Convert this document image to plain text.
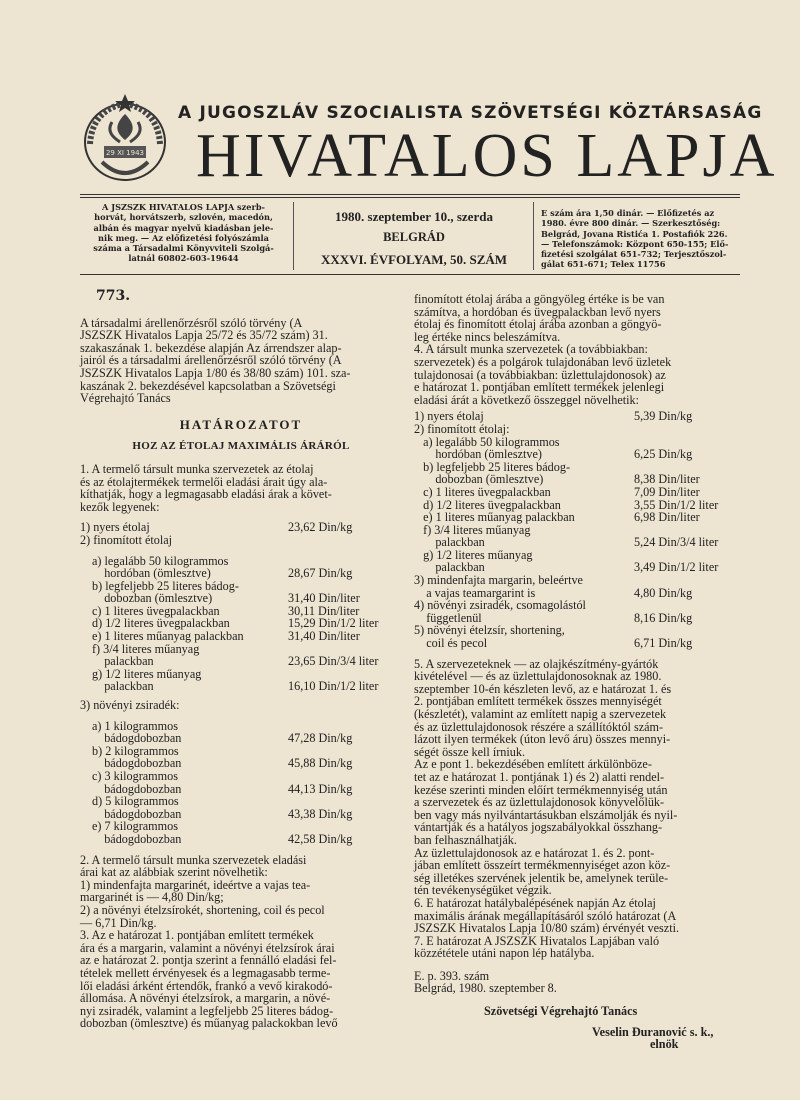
29 XI 1943
A JUGOSZLÁV SZOCIALISTA SZÖVETSÉGI KÖZTÁRSASÁG
HIVATALOS LAPJA
A JSZSZK HIVATALOS LAPJA szerb-
horvát, horvátszerb, szlovén, macedón,
albán és magyar nyelvű kiadásban jele-
nik meg. — Az előfizetési folyószámla
száma a Társadalmi Könyvviteli Szolgá-
latnál 60802-603-19644
1980. szeptember 10., szerda
BELGRÁD
XXXVI. ÉVFOLYAM, 50. SZÁM
E szám ára 1,50 dinár. — Előfizetés az
1980. évre 800 dinár. — Szerkesztőség:
Belgrád, Jovana Ristića 1. Postafiók 226.
— Telefonszámok: Központ 650-155; Elő-
fizetési szolgálat 651-732; Terjesztőszol-
gálat 651-671; Telex 11756
773.
A társadalmi árellenőrzésről szóló törvény (A
JSZSZK Hivatalos Lapja 25/72 és 35/72 szám) 31.
szakaszának 1. bekezdése alapján Az árrendszer alap-
jairól és a társadalmi árellenőrzésről szóló törvény (A
JSZSZK Hivatalos Lapja 1/80 és 38/80 szám) 101. sza-
kaszának 2. bekezdésével kapcsolatban a Szövetségi
Végrehajtó Tanács
HATÁROZATOT
HOZ AZ ÉTOLAJ MAXIMÁLIS ÁRÁRÓL
1. A termelő társult munka szervezetek az étolaj
és az étolajtermékek termelői eladási árait úgy ala-
kíthatják, hogy a legmagasabb eladási árak a követ-
kezők legyenek:
1) nyers étolaj	23,62 Din/kg
2) finomított étolaj
a) legalább 50 kilogrammos
hordóban (ömlesztve)	28,67 Din/kg
b) legfeljebb 25 literes bádog-
dobozban (ömlesztve)	31,40 Din/liter
c) 1 literes üvegpalackban	30,11 Din/liter
d) 1/2 literes üvegpalackban	15,29 Din/1/2 liter
e) 1 literes műanyag palackban	31,40 Din/liter
f) 3/4 literes műanyag
palackban	23,65 Din/3/4 liter
g) 1/2 literes műanyag
palackban	16,10 Din/1/2 liter
3) növényi zsiradék:
a) 1 kilogrammos
bádogdobozban	47,28 Din/kg
b) 2 kilogrammos
bádogdobozban	45,88 Din/kg
c) 3 kilogrammos
bádogdobozban	44,13 Din/kg
d) 5 kilogrammos
bádogdobozban	43,38 Din/kg
e) 7 kilogrammos
bádogdobozban	42,58 Din/kg
2. A termelő társult munka szervezetek eladási
árai kat az alábbiak szerint növelhetik:
1) mindenfajta margarinét, ideértve a vajas tea-
margarinét is — 4,80 Din/kg;
2) a növényi ételzsírokét, shortening, coil és pecol
— 6,71 Din/kg.
3. Az e határozat 1. pontjában említett termékek
ára és a margarin, valamint a növényi ételzsírok árai
az e határozat 2. pontja szerint a fennálló eladási fel-
tételek mellett érvényesek és a legmagasabb terme-
lői eladási árként értendők, frankó a vevő kirakodó-
állomása. A növényi ételzsírok, a margarin, a növé-
nyi zsiradék, valamint a legfeljebb 25 literes bádog-
dobozban (ömlesztve) és műanyag palackokban levő
finomított étolaj árába a göngyöleg értéke is be van
számítva, a hordóban és üvegpalackban levő nyers
étolaj és finomított étolaj árába azonban a göngyö-
leg értéke nincs beleszámítva.
4. A társult munka szervezetek (a továbbiakban:
szervezetek) és a polgárok tulajdonában levő üzletek
tulajdonosai (a továbbiakban: üzlettulajdonosok) az
e határozat 1. pontjában említett termékek jelenlegi
eladási árát a következő összeggel növelhetik:
1) nyers étolaj	5,39 Din/kg
2) finomított étolaj:
a) legalább 50 kilogrammos
hordóban (ömlesztve)	6,25 Din/kg
b) legfeljebb 25 literes bádog-
dobozban (ömlesztve)	8,38 Din/liter
c) 1 literes üvegpalackban	7,09 Din/liter
d) 1/2 literes üvegpalackban	3,55 Din/1/2 liter
e) 1 literes műanyag palackban	6,98 Din/liter
f) 3/4 literes műanyag
palackban	5,24 Din/3/4 liter
g) 1/2 literes műanyag
palackban	3,49 Din/1/2 liter
3) mindenfajta margarin, beleértve
a vajas teamargarint is	4,80 Din/kg
4) növényi zsiradék, csomagolástól
függetlenül	8,16 Din/kg
5) növényi ételzsír, shortening,
coil és pecol	6,71 Din/kg
5. A szervezeteknek — az olajkészítmény-gyártók
kivételével — és az üzlettulajdonosoknak az 1980.
szeptember 10-én készleten levő, az e határozat 1. és
2. pontjában említett termékek összes mennyiségét
(készletét), valamint az említett napig a szervezetek
és az üzlettulajdonosok részére a szállítóktól szám-
lázott ilyen termékek (úton levő áru) összes mennyi-
ségét össze kell írniuk.
Az e pont 1. bekezdésében említett árkülönböze-
tet az e határozat 1. pontjának 1) és 2) alatti rendel-
kezése szerinti minden előírt termékmennyiség után
a szervezetek és az üzlettulajdonosok könyvelőlük-
ben vagy más nyilvántartásukban elszámolják és nyil-
vántartják és a hatályos jogszabályokkal összhang-
ban felhasználhatják.
Az üzlettulajdonosok az e határozat 1. és 2. pont-
jában említett összeírt termékmennyiséget azon köz-
ség illetékes szervének jelentik be, amelynek terüle-
tén tevékenységüket végzik.
6. E határozat hatálybalépésének napján Az étolaj
maximális árának megállapításáról szóló határozat (A
JSZSZK Hivatalos Lapja 10/80 szám) érvényét veszti.
7. E határozat A JSZSZK Hivatalos Lapjában való
közzététele utáni napon lép hatályba.
E. p. 393. szám
Belgrád, 1980. szeptember 8.
Szövetségi Végrehajtó Tanács
Veselin Đuranović s. k.,
elnök
